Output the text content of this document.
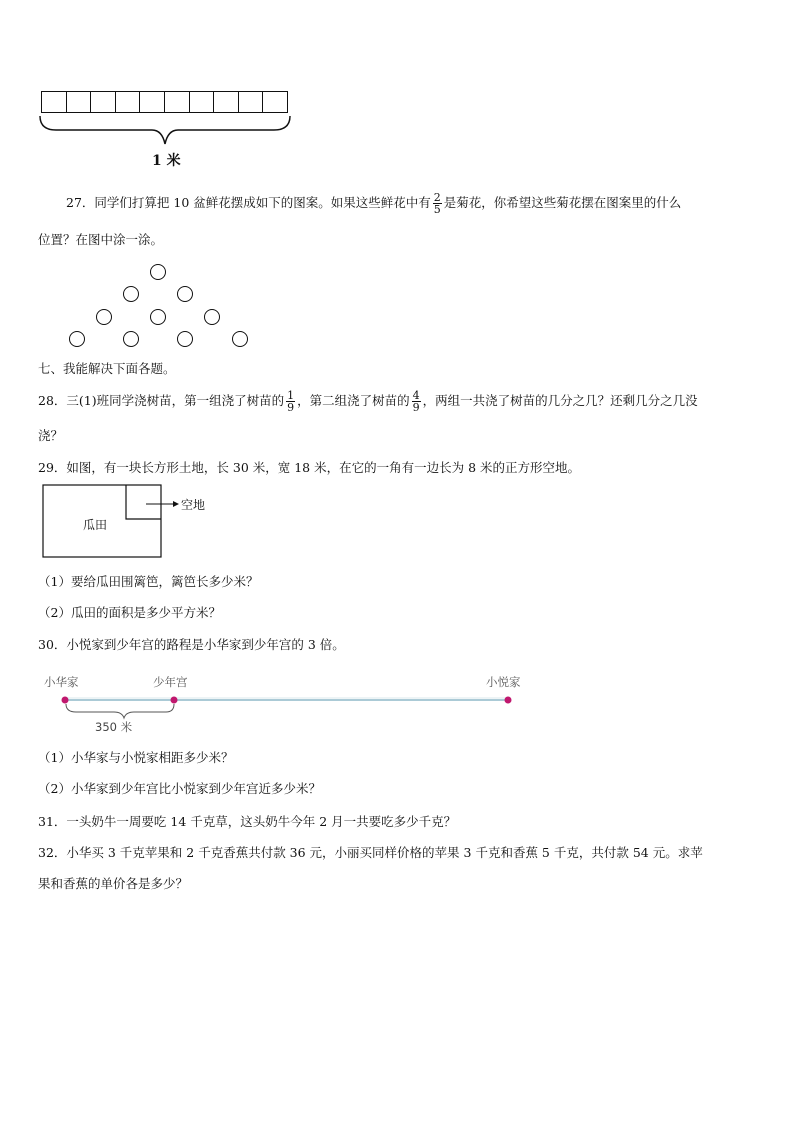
1 米
27．同学们打算把 10 盆鲜花摆成如下的图案。如果这些鲜花中有 $\frac{2}{5}$ 是菊花，你希望这些菊花摆在图案里的什么
位置？在图中涂一涂。
七、我能解决下面各题。
28．三(1)班同学浇树苗，第一组浇了树苗的 $\frac{1}{9}$ ，第二组浇了树苗的 $\frac{4}{9}$ ，两组一共浇了树苗的几分之几？还剩几分之几没
浇？
29．如图，有一块长方形土地，长 30 米，宽 18 米，在它的一角有一边长为 8 米的正方形空地。
瓜田
空地
（1）要给瓜田围篱笆，篱笆长多少米？
（2）瓜田的面积是多少平方米？
30．小悦家到少年宫的路程是小华家到少年宫的 3 倍。
小华家	少年宫	小悦家
350 米
（1）小华家与小悦家相距多少米？
（2）小华家到少年宫比小悦家到少年宫近多少米？
31．一头奶牛一周要吃 14 千克草，这头奶牛今年 2 月一共要吃多少千克？
32．小华买 3 千克苹果和 2 千克香蕉共付款 36 元，小丽买同样价格的苹果 3 千克和香蕉 5 千克，共付款 54 元。求苹
果和香蕉的单价各是多少？
